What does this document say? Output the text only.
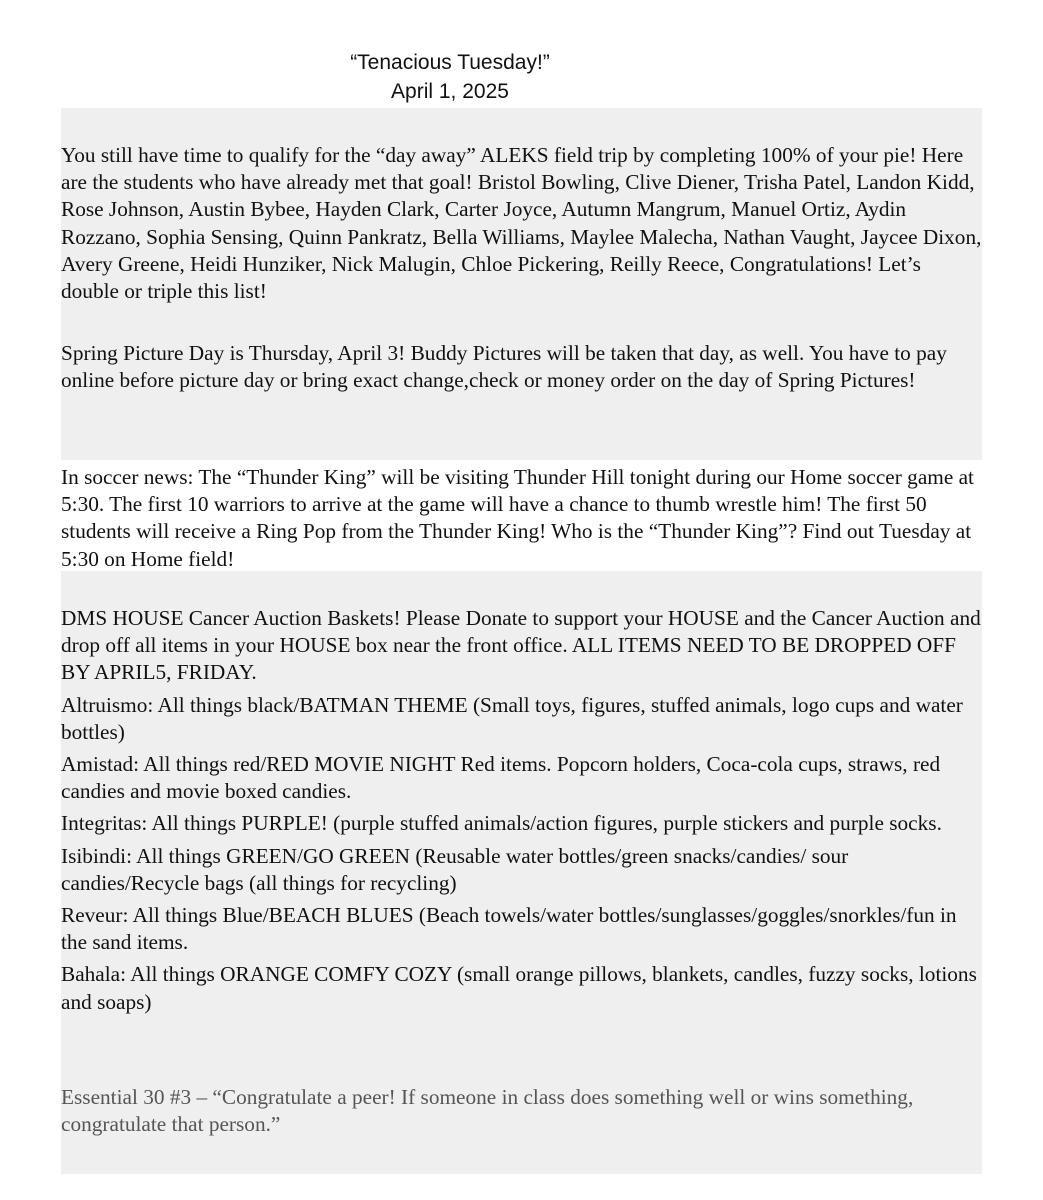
“Tenacious Tuesday!”
April 1, 2025

You still have time to qualify for the “day away” ALEKS field trip by completing 100% of your pie! Here are the students who have already met that goal! Bristol Bowling, Clive Diener, Trisha Patel, Landon Kidd, Rose Johnson, Austin Bybee, Hayden Clark, Carter Joyce, Autumn Mangrum, Manuel Ortiz, Aydin Rozzano, Sophia Sensing, Quinn Pankratz, Bella Williams, Maylee Malecha, Nathan Vaught, Jaycee Dixon, Avery Greene, Heidi Hunziker, Nick Malugin, Chloe Pickering, Reilly Reece, Congratulations! Let’s double or triple this list!

Spring Picture Day is Thursday, April 3! Buddy Pictures will be taken that day, as well. You have to pay online before picture day or bring exact change,check or money order on the day of Spring Pictures!

In soccer news: The “Thunder King” will be visiting Thunder Hill tonight during our Home soccer game at 5:30. The first 10 warriors to arrive at the game will have a chance to thumb wrestle him! The first 50 students will receive a Ring Pop from the Thunder King! Who is the “Thunder King”? Find out Tuesday at 5:30 on Home field!

DMS HOUSE Cancer Auction Baskets! Please Donate to support your HOUSE and the Cancer Auction and drop off all items in your HOUSE box near the front office. ALL ITEMS NEED TO BE DROPPED OFF BY APRIL5, FRIDAY.

Altruismo: All things black/BATMAN THEME (Small toys, figures, stuffed animals, logo cups and water bottles)

Amistad: All things red/RED MOVIE NIGHT Red items. Popcorn holders, Coca-cola cups, straws, red candies and movie boxed candies.

Integritas: All things PURPLE! (purple stuffed animals/action figures, purple stickers and purple socks.

Isibindi: All things GREEN/GO GREEN (Reusable water bottles/green snacks/candies/ sour candies/Recycle bags (all things for recycling)

Reveur: All things Blue/BEACH BLUES (Beach towels/water bottles/sunglasses/goggles/snorkles/fun in the sand items.

Bahala: All things ORANGE COMFY COZY (small orange pillows, blankets, candles, fuzzy socks, lotions and soaps)

Essential 30 #3 – “Congratulate a peer! If someone in class does something well or wins something, congratulate that person.”
